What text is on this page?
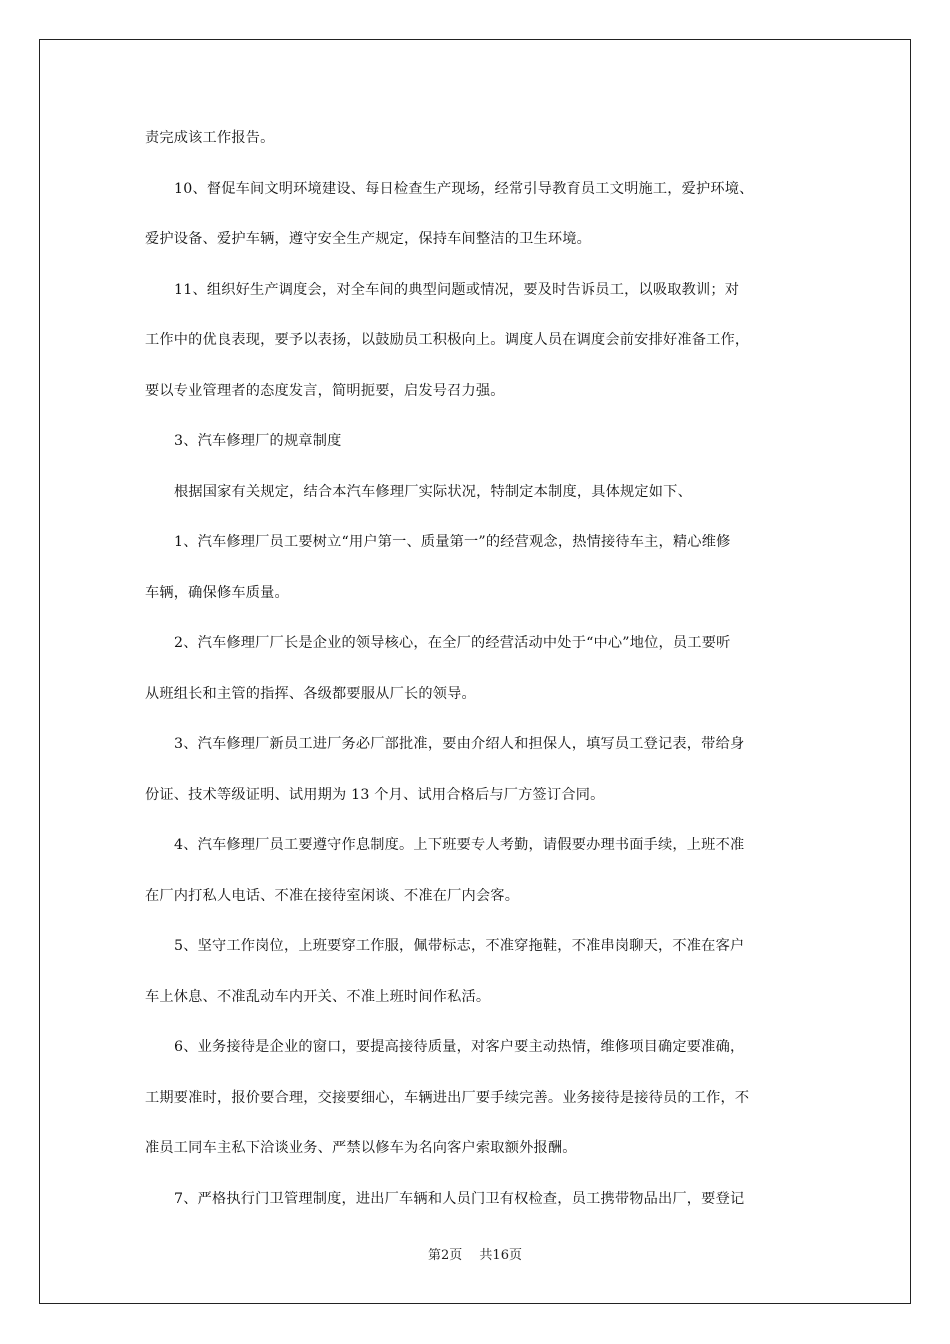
责完成该工作报告。
10、督促车间文明环境建设、每日检查生产现场，经常引导教育员工文明施工，爱护环境、
爱护设备、爱护车辆，遵守安全生产规定，保持车间整洁的卫生环境。
11、组织好生产调度会，对全车间的典型问题或情况，要及时告诉员工，以吸取教训；对
工作中的优良表现，要予以表扬，以鼓励员工积极向上。调度人员在调度会前安排好准备工作，
要以专业管理者的态度发言，简明扼要，启发号召力强。
3、汽车修理厂的规章制度
根据国家有关规定，结合本汽车修理厂实际状况，特制定本制度，具体规定如下、
1、汽车修理厂员工要树立“用户第一、质量第一”的经营观念，热情接待车主，精心维修
车辆，确保修车质量。
2、汽车修理厂厂长是企业的领导核心，在全厂的经营活动中处于“中心”地位，员工要听
从班组长和主管的指挥、各级都要服从厂长的领导。
3、汽车修理厂新员工进厂务必厂部批准，要由介绍人和担保人，填写员工登记表，带给身
份证、技术等级证明、试用期为 13 个月、试用合格后与厂方签订合同。
4、汽车修理厂员工要遵守作息制度。上下班要专人考勤，请假要办理书面手续，上班不准
在厂内打私人电话、不准在接待室闲谈、不准在厂内会客。
5、坚守工作岗位，上班要穿工作服，佩带标志，不准穿拖鞋，不准串岗聊天，不准在客户
车上休息、不准乱动车内开关、不准上班时间作私活。
6、业务接待是企业的窗口，要提高接待质量，对客户要主动热情，维修项目确定要准确，
工期要准时，报价要合理，交接要细心，车辆进出厂要手续完善。业务接待是接待员的工作，不
准员工同车主私下洽谈业务、严禁以修车为名向客户索取额外报酬。
7、严格执行门卫管理制度，进出厂车辆和人员门卫有权检查，员工携带物品出厂，要登记
第2页　 共16页
